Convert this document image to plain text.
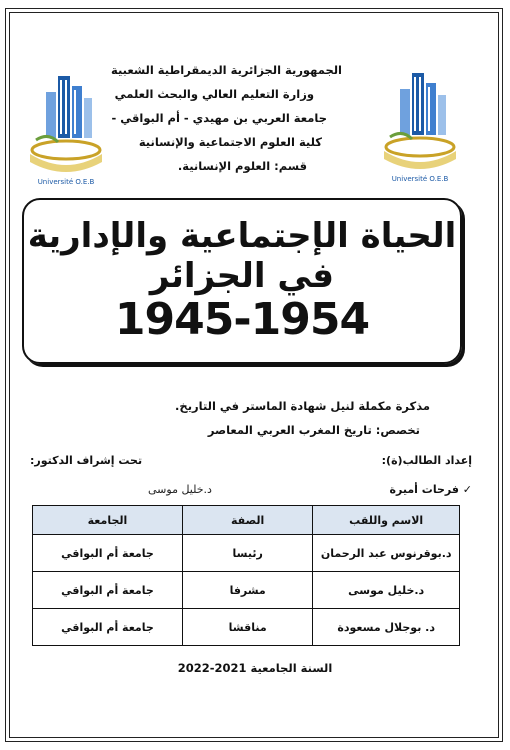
Université O.E.B	Université O.E.B
الجمهورية الجزائرية الديمقراطية الشعبية
وزارة التعليم العالي والبحث العلمي
جامعة العربي بن مهيدي - أم البواقي -
كلية العلوم الاجتماعية والإنسانية
قسم: العلوم الإنسانية.
الحياة الإجتماعية والإدارية في الجزائر
1945-1954
مذكرة مكملة لنيل شهادة الماستر في التاريخ.
تخصص: تاريخ المغرب العربي المعاصر
إعداد الطالب(ة):
تحت إشراف الدكتور:
✓ فرحات أميرة
د.خليل موسى
الاسم واللقب	الصفة	الجامعة
د.بوقرنوس عبد الرحمان	رئيسا	جامعة أم البواقي
د.خليل موسى	مشرفا	جامعة أم البواقي
د. بوجلال مسعودة	مناقشا	جامعة أم البواقي
السنة الجامعية 2021-2022
